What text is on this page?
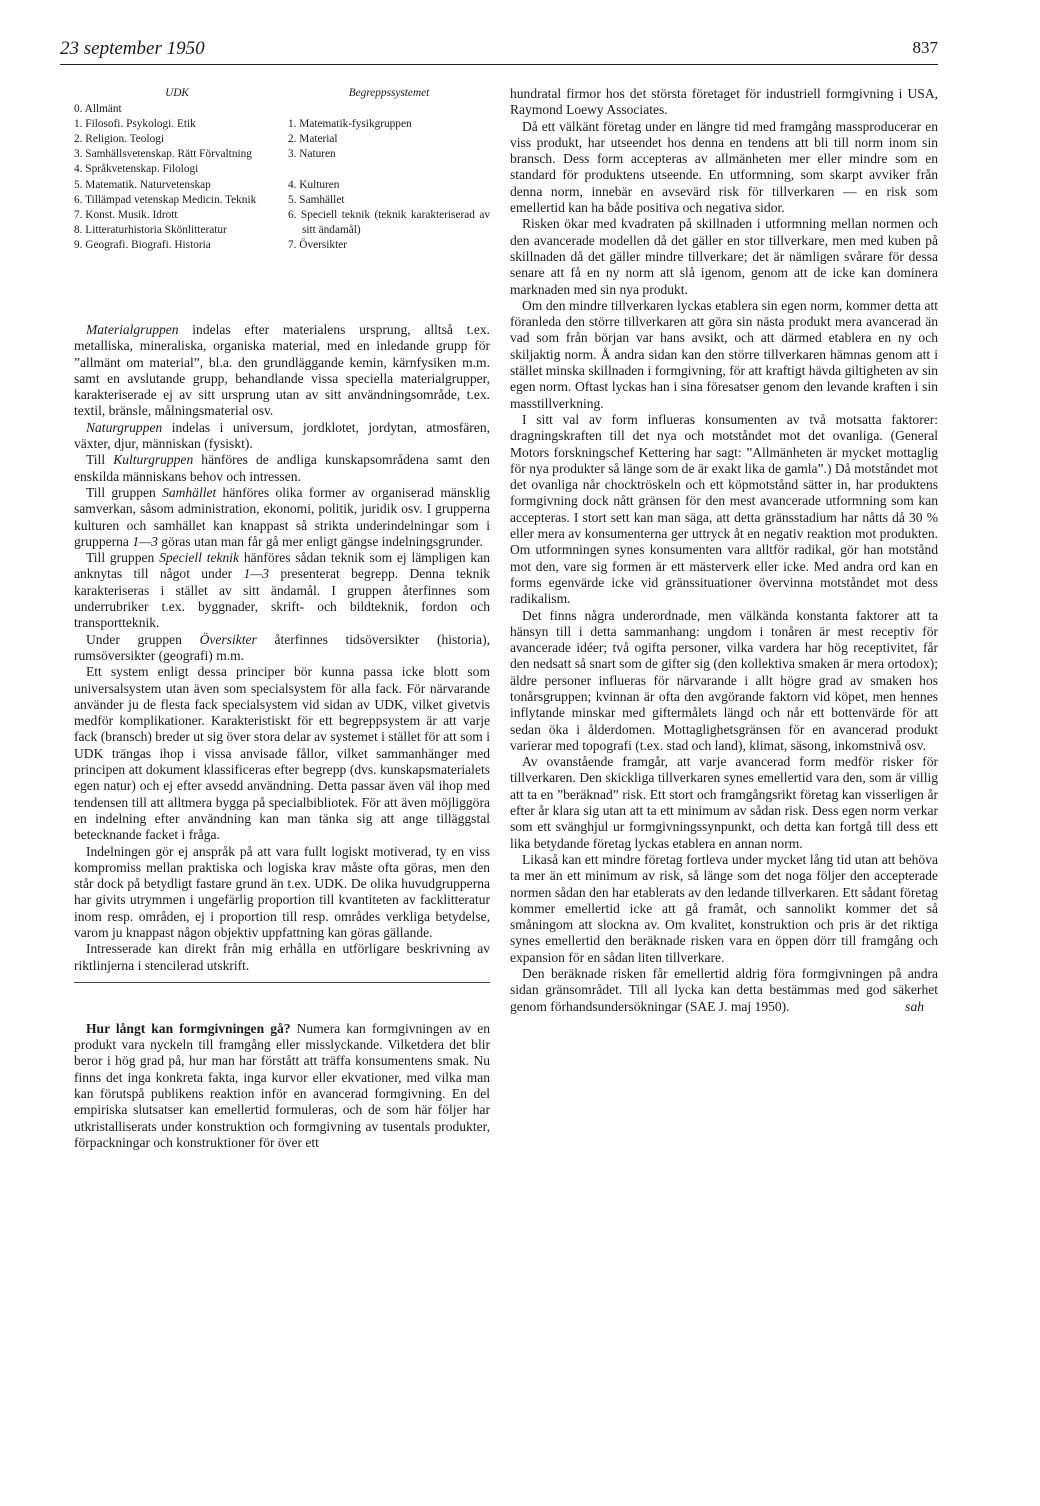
23 september 1950	837
UDK
0. Allmänt
1. Filosofi. Psykologi. Etik
2. Religion. Teologi
3. Samhällsvetenskap. Rätt Förvaltning
4. Språkvetenskap. Filologi
5. Matematik. Naturvetenskap
6. Tillämpad vetenskap Medicin. Teknik
7. Konst. Musik. Idrott
8. Litteraturhistoria Skönlitteratur
9. Geografi. Biografi. Historia
Begreppssystemet
1. Matematik-fysikgruppen
2. Material
3. Naturen
4. Kulturen
5. Samhället
6. Speciell teknik (teknik karakteriserad av sitt ändamål)
7. Översikter

Materialgruppen indelas efter materialens ursprung, alltså t.ex. metalliska, mineraliska, organiska material, med en inledande grupp för ”allmänt om material”, bl.a. den grundläggande kemin, kärnfysiken m.m. samt en avslutande grupp, behandlande vissa speciella materialgrupper, karakteriserade ej av sitt ursprung utan av sitt användningsområde, t.ex. textil, bränsle, målningsmaterial osv.

Naturgruppen indelas i universum, jordklotet, jordytan, atmosfären, växter, djur, människan (fysiskt).

Till Kulturgruppen hänföres de andliga kunskapsområdena samt den enskilda människans behov och intressen.

Till gruppen Samhället hänföres olika former av organiserad mänsklig samverkan, såsom administration, ekonomi, politik, juridik osv. I grupperna kulturen och samhället kan knappast så strikta underindelningar som i grupperna 1—3 göras utan man får gå mer enligt gängse indelningsgrunder.

Till gruppen Speciell teknik hänföres sådan teknik som ej lämpligen kan anknytas till något under 1—3 presenterat begrepp. Denna teknik karakteriseras i stället av sitt ändamål. I gruppen återfinnes som underrubriker t.ex. byggnader, skrift- och bildteknik, fordon och transportteknik.

Under gruppen Översikter återfinnes tidsöversikter (historia), rumsöversikter (geografi) m.m.

Ett system enligt dessa principer bör kunna passa icke blott som universalsystem utan även som specialsystem för alla fack. För närvarande använder ju de flesta fack specialsystem vid sidan av UDK, vilket givetvis medför komplikationer. Karakteristiskt för ett begreppsystem är att varje fack (bransch) breder ut sig över stora delar av systemet i stället för att som i UDK trängas ihop i vissa anvisade fållor, vilket sammanhänger med principen att dokument klassificeras efter begrepp (dvs. kunskapsmaterialets egen natur) och ej efter avsedd användning. Detta passar även väl ihop med tendensen till att alltmera bygga på specialbibliotek. För att även möjliggöra en indelning efter användning kan man tänka sig att ange tilläggstal betecknande facket i fråga.

Indelningen gör ej anspråk på att vara fullt logiskt motiverad, ty en viss kompromiss mellan praktiska och logiska krav måste ofta göras, men den står dock på betydligt fastare grund än t.ex. UDK. De olika huvudgrupperna har givits utrymmen i ungefärlig proportion till kvantiteten av facklitteratur inom resp. områden, ej i proportion till resp. områdes verkliga betydelse, varom ju knappast någon objektiv uppfattning kan göras gällande.

Intresserade kan direkt från mig erhålla en utförligare beskrivning av riktlinjerna i stencilerad utskrift.

Hur långt kan formgivningen gå? Numera kan formgivningen av en produkt vara nyckeln till framgång eller misslyckande. Vilketdera det blir beror i hög grad på, hur man har förstått att träffa konsumentens smak. Nu finns det inga konkreta fakta, inga kurvor eller ekvationer, med vilka man kan förutspå publikens reaktion inför en avancerad formgivning. En del empiriska slutsatser kan emellertid formuleras, och de som här följer har utkristalliserats under konstruktion och formgivning av tusentals produkter, förpackningar och konstruktioner för över ett

hundratal firmor hos det största företaget för industriell formgivning i USA, Raymond Loewy Associates.

Då ett välkänt företag under en längre tid med framgång massproducerar en viss produkt, har utseendet hos denna en tendens att bli till norm inom sin bransch. Dess form accepteras av allmänheten mer eller mindre som en standard för produktens utseende. En utformning, som skarpt avviker från denna norm, innebär en avsevärd risk för tillverkaren — en risk som emellertid kan ha både positiva och negativa sidor.

Risken ökar med kvadraten på skillnaden i utformning mellan normen och den avancerade modellen då det gäller en stor tillverkare, men med kuben på skillnaden då det gäller mindre tillverkare; det är nämligen svårare för dessa senare att få en ny norm att slå igenom, genom att de icke kan dominera marknaden med sin nya produkt.

Om den mindre tillverkaren lyckas etablera sin egen norm, kommer detta att föranleda den större tillverkaren att göra sin nästa produkt mera avancerad än vad som från början var hans avsikt, och att därmed etablera en ny och skiljaktig norm. Å andra sidan kan den större tillverkaren hämnas genom att i stället minska skillnaden i formgivning, för att kraftigt hävda giltigheten av sin egen norm. Oftast lyckas han i sina föresatser genom den levande kraften i sin masstillverkning.

I sitt val av form influeras konsumenten av två motsatta faktorer: dragningskraften till det nya och motståndet mot det ovanliga. (General Motors forskningschef Kettering har sagt: ”Allmänheten är mycket mottaglig för nya produkter så länge som de är exakt lika de gamla”.) Då motståndet mot det ovanliga når chocktröskeln och ett köpmotstånd sätter in, har produktens formgivning dock nått gränsen för den mest avancerade utformning som kan accepteras. I stort sett kan man säga, att detta gränsstadium har nåtts då 30 % eller mera av konsumenterna ger uttryck åt en negativ reaktion mot produkten. Om utformningen synes konsumenten vara alltför radikal, gör han motstånd mot den, vare sig formen är ett mästerverk eller icke. Med andra ord kan en forms egenvärde icke vid gränssituationer övervinna motståndet mot dess radikalism.

Det finns några underordnade, men välkända konstanta faktorer att ta hänsyn till i detta sammanhang: ungdom i tonåren är mest receptiv för avancerade idéer; två ogifta personer, vilka vardera har hög receptivitet, får den nedsatt så snart som de gifter sig (den kollektiva smaken är mera ortodox); äldre personer influeras för närvarande i allt högre grad av smaken hos tonårsgruppen; kvinnan är ofta den avgörande faktorn vid köpet, men hennes inflytande minskar med giftermålets längd och når ett bottenvärde för att sedan öka i ålderdomen. Mottaglighetsgränsen för en avancerad produkt varierar med topografi (t.ex. stad och land), klimat, säsong, inkomstnivå osv.

Av ovanstående framgår, att varje avancerad form medför risker för tillverkaren. Den skickliga tillverkaren synes emellertid vara den, som är villig att ta en ”beräknad” risk. Ett stort och framgångsrikt företag kan visserligen år efter år klara sig utan att ta ett minimum av sådan risk. Dess egen norm verkar som ett svänghjul ur formgivningssynpunkt, och detta kan fortgå till dess ett lika betydande företag lyckas etablera en annan norm.

Likaså kan ett mindre företag fortleva under mycket lång tid utan att behöva ta mer än ett minimum av risk, så länge som det noga följer den accepterade normen sådan den har etablerats av den ledande tillverkaren. Ett sådant företag kommer emellertid icke att gå framåt, och sannolikt kommer det så småningom att slockna av. Om kvalitet, konstruktion och pris är det riktiga synes emellertid den beräknade risken vara en öppen dörr till framgång och expansion för en sådan liten tillverkare.

Den beräknade risken får emellertid aldrig föra formgivningen på andra sidan gränsområdet. Till all lycka kan detta bestämmas med god säkerhet genom förhandsundersökningar (SAE J. maj 1950).	sah
